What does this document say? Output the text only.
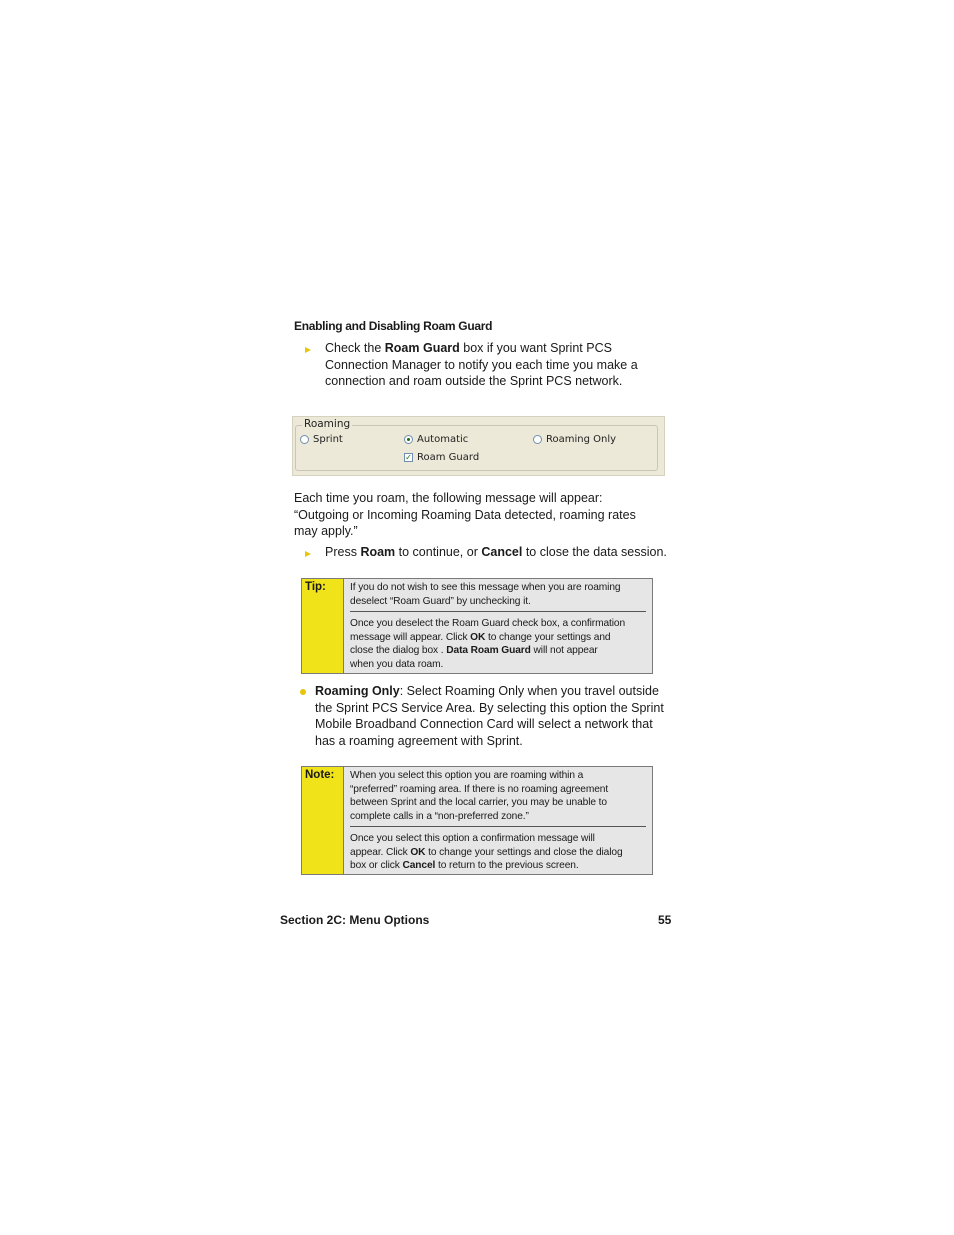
Enabling and Disabling Roam Guard
Check the Roam Guard box if you want Sprint PCS
Connection Manager to notify you each time you make a
connection and roam outside the Sprint PCS network.
Roaming
Sprint	Automatic	Roaming Only
✓ Roam Guard
Each time you roam, the following message will appear:
“Outgoing or Incoming Roaming Data detected, roaming rates
may apply.”
Press Roam to continue, or Cancel to close the data session.
Tip:	If you do not wish to see this message when you are roaming
deselect “Roam Guard” by unchecking it.
Once you deselect the Roam Guard check box, a confirmation
message will appear. Click OK to change your settings and
close the dialog box . Data Roam Guard will not appear
when you data roam.
Roaming Only: Select Roaming Only when you travel outside
the Sprint PCS Service Area. By selecting this option the Sprint
Mobile Broadband Connection Card will select a network that
has a roaming agreement with Sprint.
Note:	When you select this option you are roaming within a
“preferred” roaming area. If there is no roaming agreement
between Sprint and the local carrier, you may be unable to
complete calls in a “non-preferred zone.”
Once you select this option a confirmation message will
appear. Click OK to change your settings and close the dialog
box or click Cancel to return to the previous screen.
Section 2C: Menu Options	55
